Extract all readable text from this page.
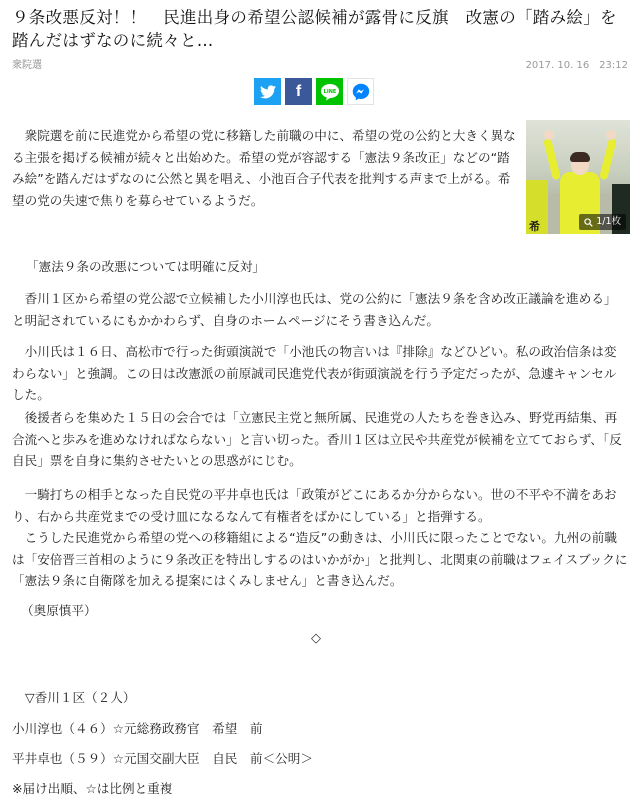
９条改悪反対！！　民進出身の希望公認候補が露骨に反旗　改憲の「踏み絵」を踏んだはずなのに続々と…
衆院選	2017. 10. 16　23:12
f LINE

衆院選を前に民進党から希望の党に移籍した前職の中に、希望の党の公約と大きく異なる主張を掲げる候補が続々と出始めた。希望の党が容認する「憲法９条改正」などの“踏み絵”を踏んだはずなのに公然と異を唱え、小池百合子代表を批判する声まで上がる。希望の党の失速で焦りを募らせているようだ。

希	1/1枚

「憲法９条の改悪については明確に反対」

香川１区から希望の党公認で立候補した小川淳也氏は、党の公約に「憲法９条を含め改正議論を進める」と明記されているにもかかわらず、自身のホームページにそう書き込んだ。

小川氏は１６日、高松市で行った街頭演説で「小池氏の物言いは『排除』などひどい。私の政治信条は変わらない」と強調。この日は改憲派の前原誠司民進党代表が街頭演説を行う予定だったが、急遽キャンセルした。

後援者らを集めた１５日の会合では「立憲民主党と無所属、民進党の人たちを巻き込み、野党再結集、再合流へと歩みを進めなければならない」と言い切った。香川１区は立民や共産党が候補を立てておらず、「反自民」票を自身に集約させたいとの思惑がにじむ。

一騎打ちの相手となった自民党の平井卓也氏は「政策がどこにあるか分からない。世の不平や不満をあおり、右から共産党までの受け皿になるなんて有権者をばかにしている」と指弾する。

こうした民進党から希望の党への移籍組による“造反”の動きは、小川氏に限ったことでない。九州の前職は「安倍晋三首相のように９条改正を特出しするのはいかがか」と批判し、北関東の前職はフェイスブックに「憲法９条に自衛隊を加える提案にはくみしません」と書き込んだ。

（奥原慎平）

◇

▽香川１区（２人）

小川淳也（４６）☆元総務政務官　希望　前

平井卓也（５９）☆元国交副大臣　自民　前＜公明＞

※届け出順、☆は比例と重複
